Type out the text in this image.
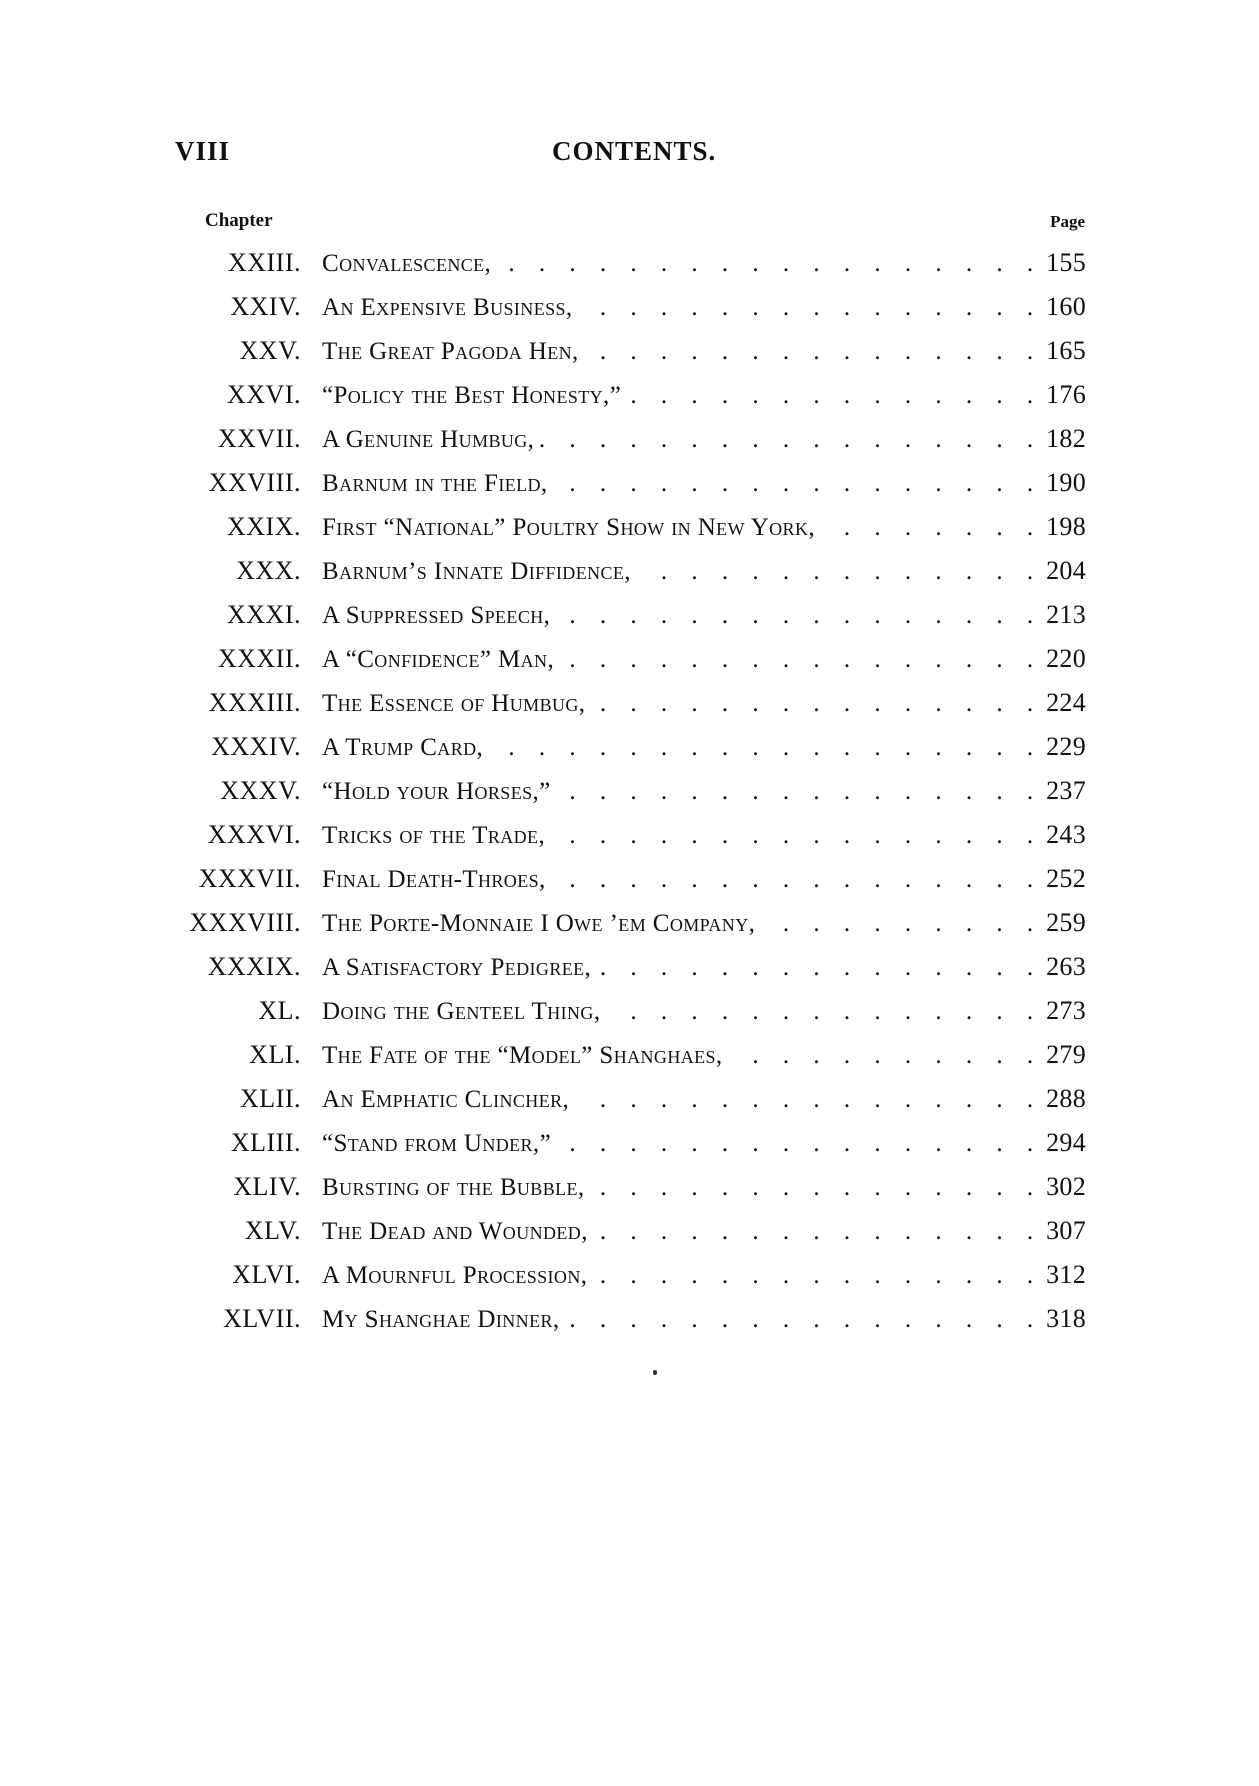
VIII	CONTENTS.
Chapter	Page
XXIII. Convalescence, . . .	155
XXIV. An Expensive Business, . . .	160
XXV. The Great Pagoda Hen, . . .	165
XXVI. “Policy the Best Honesty,” . . .	176
XXVII. A Genuine Humbug, . . .	182
XXVIII. Barnum in the Field, . . .	190
XXIX. First “National” Poultry Show in New York, . . .	198
XXX. Barnum’s Innate Diffidence, . . .	204
XXXI. A Suppressed Speech, . . .	213
XXXII. A “Confidence” Man, . . .	220
XXXIII. The Essence of Humbug, . . .	224
XXXIV. A Trump Card, . . .	229
XXXV. “Hold your Horses,” . . .	237
XXXVI. Tricks of the Trade, . . .	243
XXXVII. Final Death-Throes, . . .	252
XXXVIII. The Porte-Monnaie I Owe ’em Company, . . .	259
XXXIX. A Satisfactory Pedigree, . . .	263
XL. Doing the Genteel Thing, . . .	273
XLI. The Fate of the “Model” Shanghaes, . . .	279
XLII. An Emphatic Clincher, . . .	288
XLIII. “Stand from Under,” . . .	294
XLIV. Bursting of the Bubble, . . .	302
XLV. The Dead and Wounded, . . .	307
XLVI. A Mournful Procession, . . .	312
XLVII. My Shanghae Dinner, . . .	318
